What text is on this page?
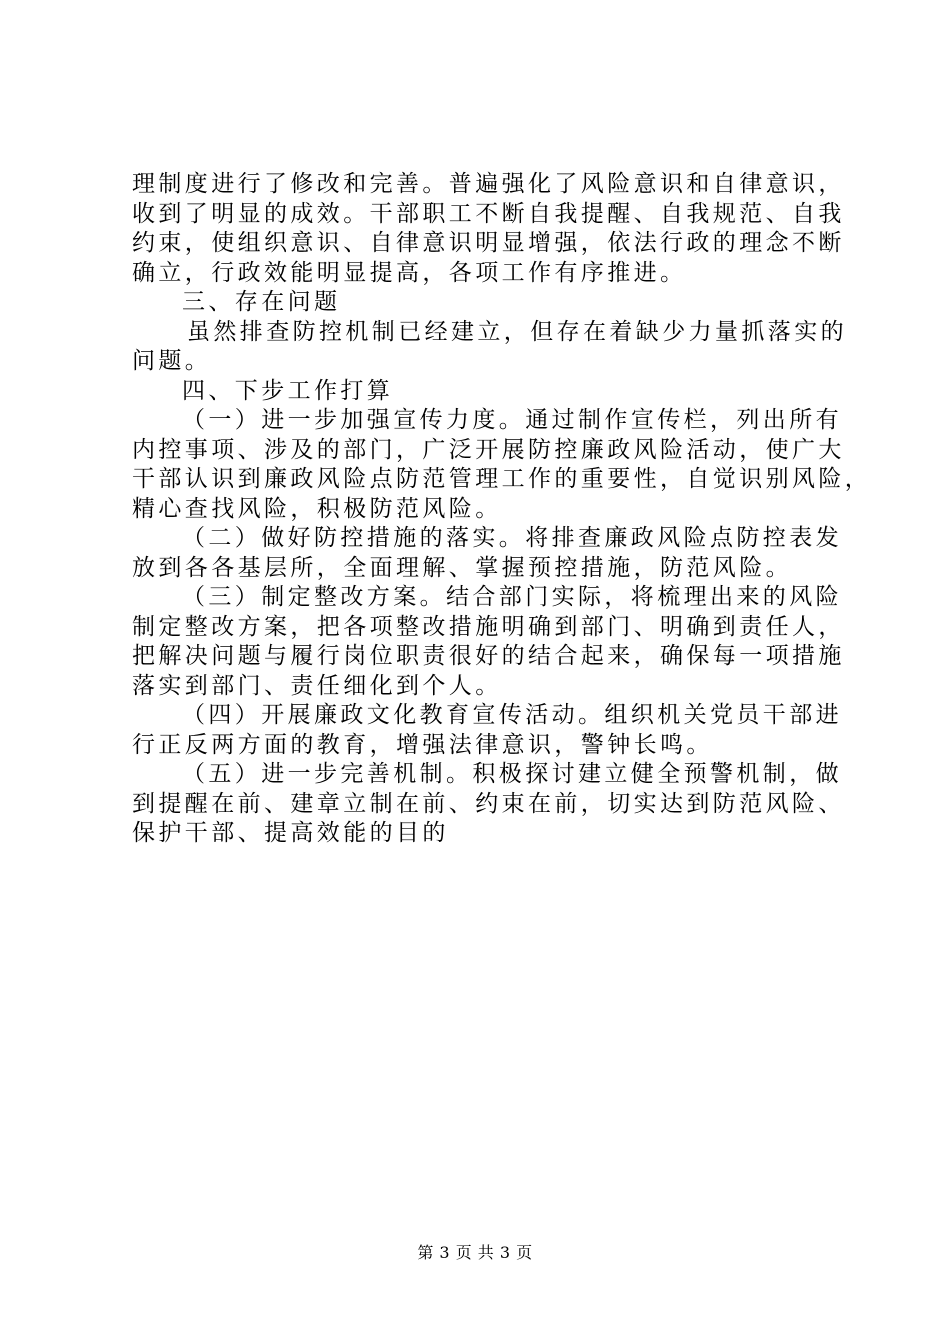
理制度进行了修改和完善。普遍强化了风险意识和自律意识，
收到了明显的成效。干部职工不断自我提醒、自我规范、自我
约束，使组织意识、自律意识明显增强，依法行政的理念不断
确立，行政效能明显提高，各项工作有序推进。
三、存在问题
虽然排查防控机制已经建立，但存在着缺少力量抓落实的
问题。
四、下步工作打算
（一）进一步加强宣传力度。通过制作宣传栏，列出所有
内控事项、涉及的部门，广泛开展防控廉政风险活动，使广大
干部认识到廉政风险点防范管理工作的重要性，自觉识别风险，
精心查找风险，积极防范风险。
（二）做好防控措施的落实。将排查廉政风险点防控表发
放到各各基层所，全面理解、掌握预控措施，防范风险。
（三）制定整改方案。结合部门实际，将梳理出来的风险
制定整改方案，把各项整改措施明确到部门、明确到责任人，
把解决问题与履行岗位职责很好的结合起来，确保每一项措施
落实到部门、责任细化到个人。
（四）开展廉政文化教育宣传活动。组织机关党员干部进
行正反两方面的教育，增强法律意识，警钟长鸣。
（五）进一步完善机制。积极探讨建立健全预警机制，做
到提醒在前、建章立制在前、约束在前，切实达到防范风险、
保护干部、提高效能的目的
第 3 页 共 3 页
